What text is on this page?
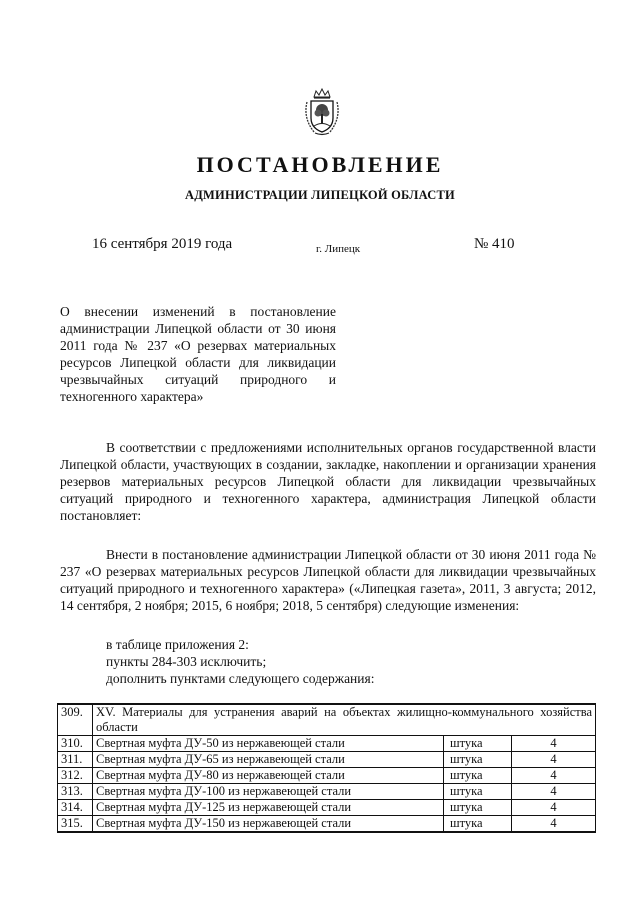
ПОСТАНОВЛЕНИЕ
АДМИНИСТРАЦИИ ЛИПЕЦКОЙ ОБЛАСТИ
16 сентября 2019 года	г. Липецк	№ 410
О внесении изменений в постановление администрации Липецкой области от 30 июня 2011 года № 237 «О резервах материальных ресурсов Липецкой области для ликвидации чрезвычайных ситуаций природного и техногенного характера»
В соответствии с предложениями исполнительных органов государственной власти Липецкой области, участвующих в создании, закладке, накоплении и организации хранения резервов материальных ресурсов Липецкой области для ликвидации чрезвычайных ситуаций природного и техногенного характера, администрация Липецкой области постановляет:
Внести в постановление администрации Липецкой области от 30 июня 2011 года № 237 «О резервах материальных ресурсов Липецкой области для ликвидации чрезвычайных ситуаций природного и техногенного характера» («Липецкая газета», 2011, 3 августа; 2012, 14 сентября, 2 ноября; 2015, 6 ноября; 2018, 5 сентября) следующие изменения:
в таблице приложения 2:
пункты 284-303 исключить;
дополнить пунктами следующего содержания:
309.	XV. Материалы для устранения аварий на объектах жилищно-коммунального хозяйства области		
310.	Свертная муфта ДУ-50 из нержавеющей стали	штука	4
311.	Свертная муфта ДУ-65 из нержавеющей стали	штука	4
312.	Свертная муфта ДУ-80 из нержавеющей стали	штука	4
313.	Свертная муфта ДУ-100 из нержавеющей стали	штука	4
314.	Свертная муфта ДУ-125 из нержавеющей стали	штука	4
315.	Свертная муфта ДУ-150 из нержавеющей стали	штука	4
